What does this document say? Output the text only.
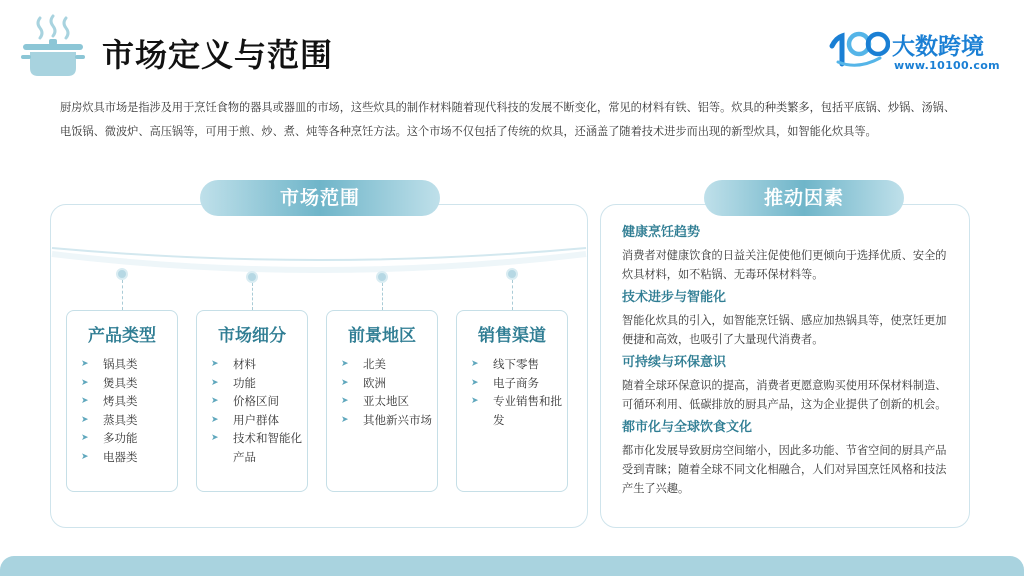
市场定义与范围	大数跨境
www.10100.com
厨房炊具市场是指涉及用于烹饪食物的器具或器皿的市场，这些炊具的制作材料随着现代科技的发展不断变化，常见的材料有铁、铝等。炊具的种类繁多，包括平底锅、炒锅、汤锅、电饭锅、微波炉、高压锅等，可用于煎、炒、煮、炖等各种烹饪方法。这个市场不仅包括了传统的炊具，还涵盖了随着技术进步而出现的新型炊具，如智能化炊具等。
市场范围
产品类型
➤	锅具类
➤	煲具类
➤	烤具类
➤	蒸具类
➤	多功能
➤	电器类
市场细分
➤	材料
➤	功能
➤	价格区间
➤	用户群体
➤	技术和智能化产品
前景地区
➤	北美
➤	欧洲
➤	亚太地区
➤	其他新兴市场
销售渠道
➤	线下零售
➤	电子商务
➤	专业销售和批发
推动因素
健康烹饪趋势
消费者对健康饮食的日益关注促使他们更倾向于选择优质、安全的炊具材料，如不粘锅、无毒环保材料等。
技术进步与智能化
智能化炊具的引入，如智能烹饪锅、感应加热锅具等，使烹饪更加便捷和高效，也吸引了大量现代消费者。
可持续与环保意识
随着全球环保意识的提高，消费者更愿意购买使用环保材料制造、可循环利用、低碳排放的厨具产品，这为企业提供了创新的机会。
都市化与全球饮食文化
都市化发展导致厨房空间缩小，因此多功能、节省空间的厨具产品受到青睐；随着全球不同文化相融合，人们对异国烹饪风格和技法产生了兴趣。
